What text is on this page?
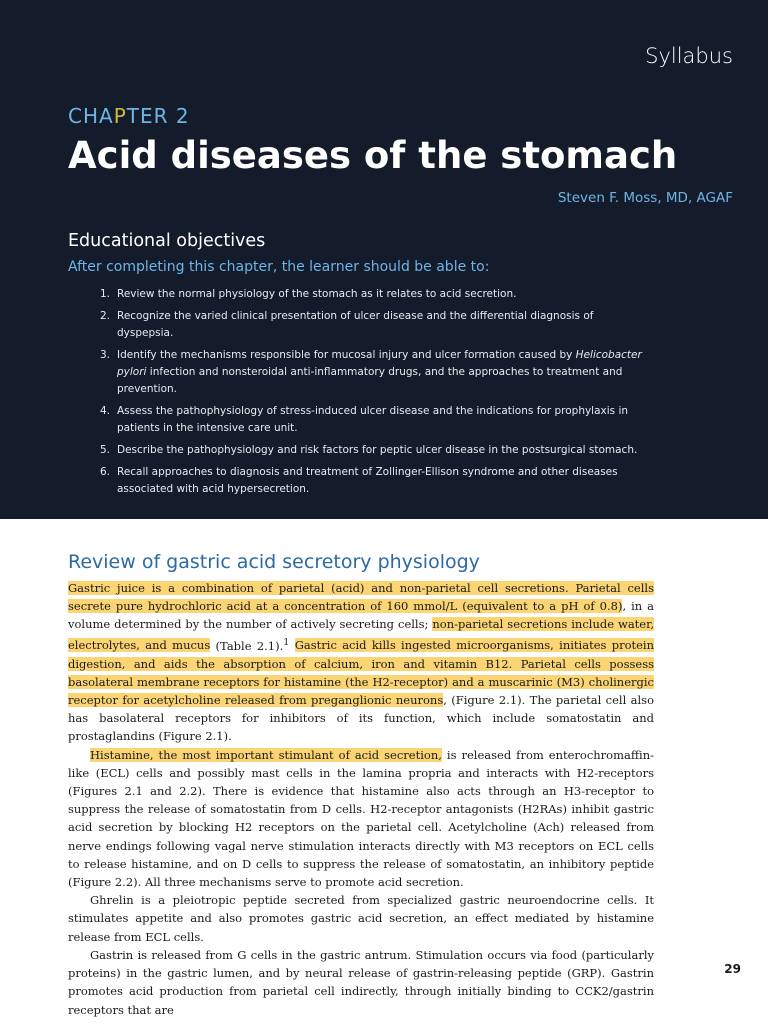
Syllabus
CHAPTER 2
Acid diseases of the stomach
Steven F. Moss, MD, AGAF
Educational objectives
After completing this chapter, the learner should be able to:
1. Review the normal physiology of the stomach as it relates to acid secretion.
2. Recognize the varied clinical presentation of ulcer disease and the differential diagnosis of dyspepsia.
3. Identify the mechanisms responsible for mucosal injury and ulcer formation caused by Helicobacter pylori infection and nonsteroidal anti-inflammatory drugs, and the approaches to treatment and prevention.
4. Assess the pathophysiology of stress-induced ulcer disease and the indications for prophylaxis in patients in the intensive care unit.
5. Describe the pathophysiology and risk factors for peptic ulcer disease in the postsurgical stomach.
6. Recall approaches to diagnosis and treatment of Zollinger-Ellison syndrome and other diseases associated with acid hypersecretion.
Review of gastric acid secretory physiology

Gastric juice is a combination of parietal (acid) and non-parietal cell secretions. Parietal cells secrete pure hydrochloric acid at a concentration of 160 mmol/L (equivalent to a pH of 0.8), in a volume determined by the number of actively secreting cells; non-parietal secretions include water, electrolytes, and mucus (Table 2.1).$^1$ Gastric acid kills ingested microorganisms, initiates protein digestion, and aids the absorption of calcium, iron and vitamin B12. Parietal cells possess basolateral membrane receptors for histamine (the H2-receptor) and a muscarinic (M3) cholinergic receptor for acetylcholine released from preganglionic neurons, (Figure 2.1). The parietal cell also has basolateral receptors for inhibitors of its function, which include somatostatin and prostaglandins (Figure 2.1).

Histamine, the most important stimulant of acid secretion, is released from enterochromaffin-like (ECL) cells and possibly mast cells in the lamina propria and interacts with H2-receptors (Figures 2.1 and 2.2). There is evidence that histamine also acts through an H3-receptor to suppress the release of somatostatin from D cells. H2-receptor antagonists (H2RAs) inhibit gastric acid secretion by blocking H2 receptors on the parietal cell. Acetylcholine (Ach) released from nerve endings following vagal nerve stimulation interacts directly with M3 receptors on ECL cells to release histamine, and on D cells to suppress the release of somatostatin, an inhibitory peptide (Figure 2.2). All three mechanisms serve to promote acid secretion.

Ghrelin is a pleiotropic peptide secreted from specialized gastric neuroendocrine cells. It stimulates appetite and also promotes gastric acid secretion, an effect mediated by histamine release from ECL cells.

Gastrin is released from G cells in the gastric antrum. Stimulation occurs via food (particularly proteins) in the gastric lumen, and by neural release of gastrin-releasing peptide (GRP). Gastrin promotes acid production from parietal cell indirectly, through initially binding to CCK2/gastrin receptors that are

29
